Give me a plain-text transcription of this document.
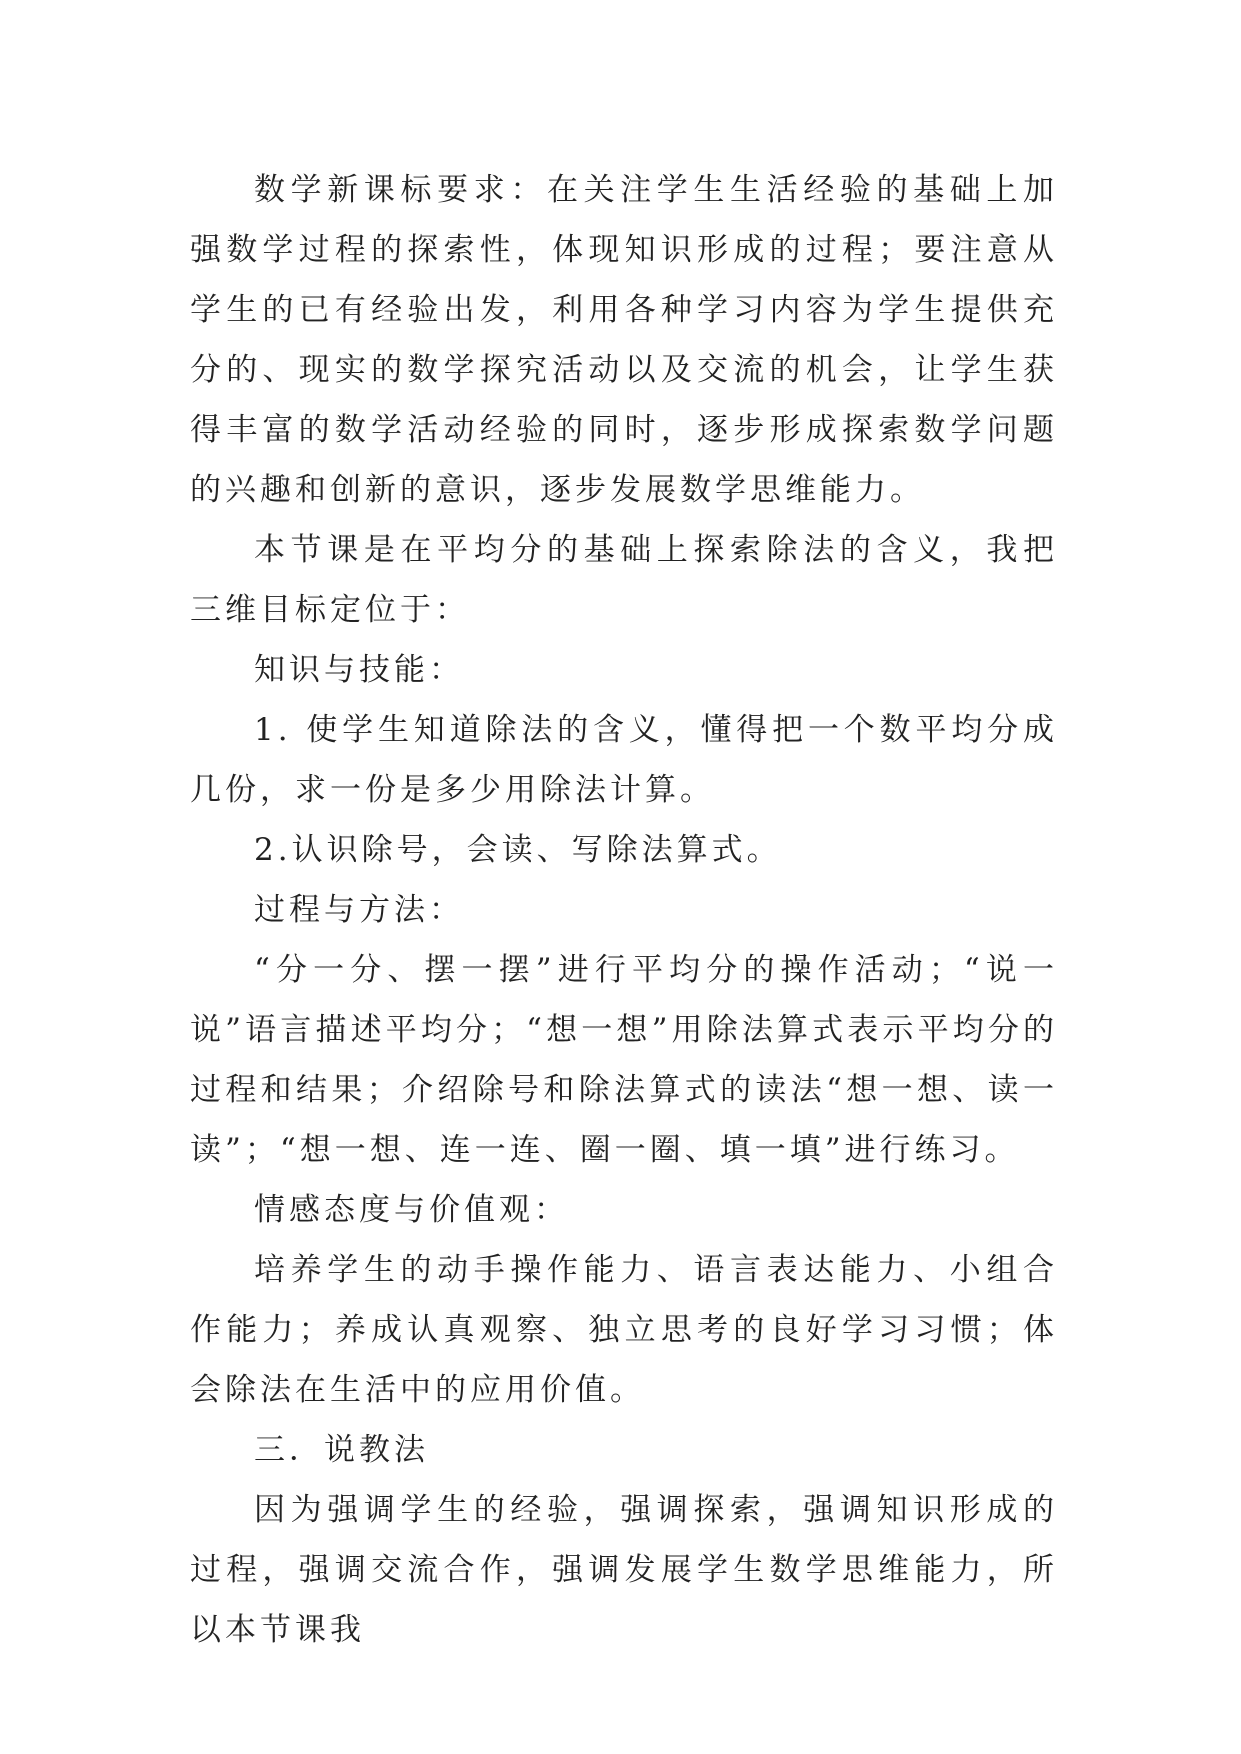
数学新课标要求：在关注学生生活经验的基础上加强数学过程的探索性，体现知识形成的过程；要注意从学生的已有经验出发，利用各种学习内容为学生提供充分的、现实的数学探究活动以及交流的机会，让学生获得丰富的数学活动经验的同时，逐步形成探索数学问题的兴趣和创新的意识，逐步发展数学思维能力。

本节课是在平均分的基础上探索除法的含义，我把三维目标定位于：

知识与技能：

1. 使学生知道除法的含义，懂得把一个数平均分成几份，求一份是多少用除法计算。

2.认识除号，会读、写除法算式。

过程与方法：

“分一分、摆一摆”进行平均分的操作活动；“说一说”语言描述平均分；“想一想”用除法算式表示平均分的过程和结果；介绍除号和除法算式的读法“想一想、读一读”；“想一想、连一连、圈一圈、填一填”进行练习。

情感态度与价值观：

培养学生的动手操作能力、语言表达能力、小组合作能力；养成认真观察、独立思考的良好学习习惯；体会除法在生活中的应用价值。

三．说教法

因为强调学生的经验，强调探索，强调知识形成的过程，强调交流合作，强调发展学生数学思维能力，所以本节课我
